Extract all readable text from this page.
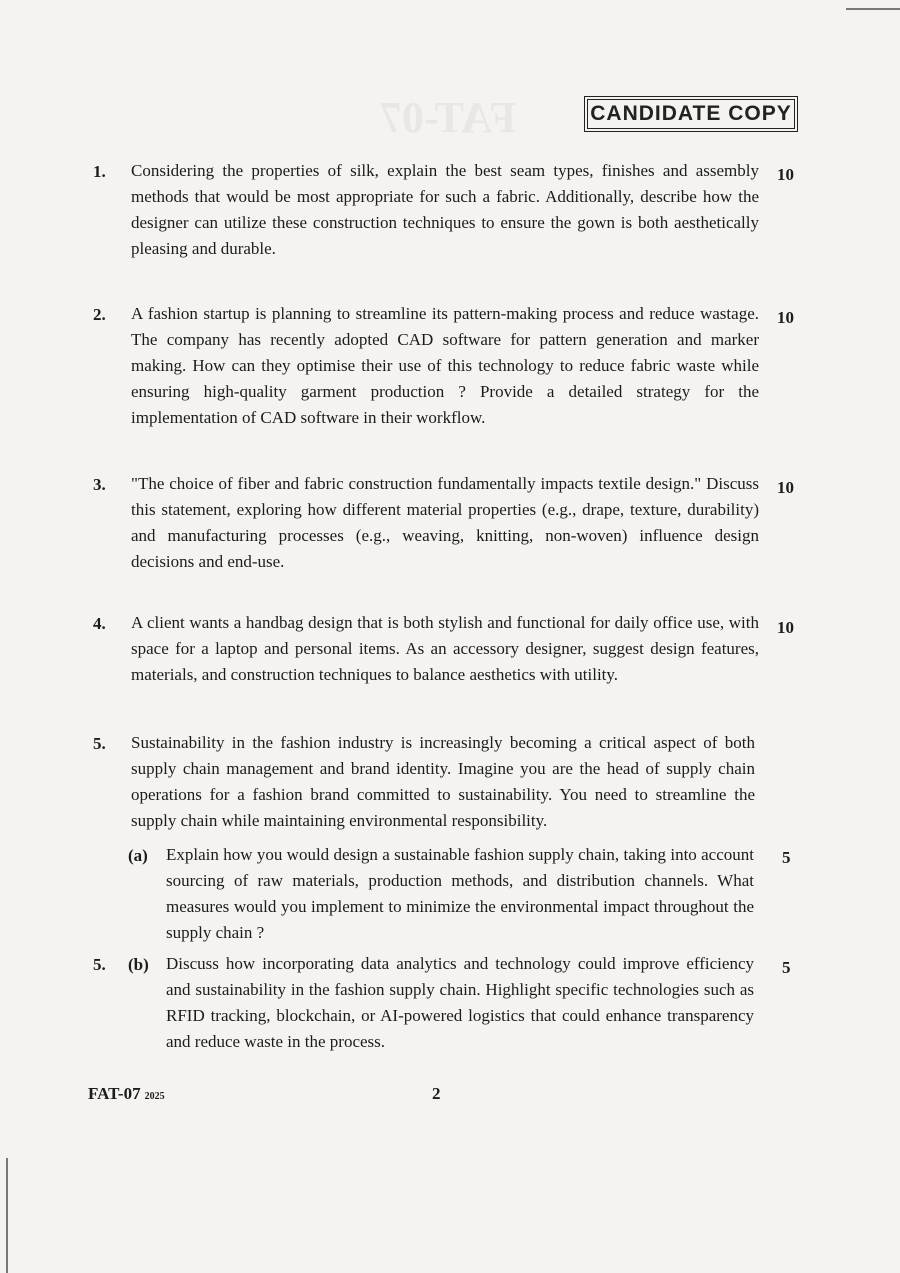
FAT-07	CANDIDATE COPY
1. Considering the properties of silk, explain the best seam types, finishes and assembly methods that would be most appropriate for such a fabric. Additionally, describe how the designer can utilize these construction techniques to ensure the gown is both aesthetically pleasing and durable.
10
2. A fashion startup is planning to streamline its pattern-making process and reduce wastage. The company has recently adopted CAD software for pattern generation and marker making. How can they optimise their use of this technology to reduce fabric waste while ensuring high-quality garment production ? Provide a detailed strategy for the implementation of CAD software in their workflow.
10
3. "The choice of fiber and fabric construction fundamentally impacts textile design." Discuss this statement, exploring how different material properties (e.g., drape, texture, durability) and manufacturing processes (e.g., weaving, knitting, non-woven) influence design decisions and end-use.
10
4. A client wants a handbag design that is both stylish and functional for daily office use, with space for a laptop and personal items. As an accessory designer, suggest design features, materials, and construction techniques to balance aesthetics with utility.
10
5. Sustainability in the fashion industry is increasingly becoming a critical aspect of both supply chain management and brand identity. Imagine you are the head of supply chain operations for a fashion brand committed to sustainability. You need to streamline the supply chain while maintaining environmental responsibility.
(a) Explain how you would design a sustainable fashion supply chain, taking into account sourcing of raw materials, production methods, and distribution channels. What measures would you implement to minimize the environmental impact throughout the supply chain ?
5
5. (b) Discuss how incorporating data analytics and technology could improve efficiency and sustainability in the fashion supply chain. Highlight specific technologies such as RFID tracking, blockchain, or AI-powered logistics that could enhance transparency and reduce waste in the process.
5
FAT-07 2025	2
